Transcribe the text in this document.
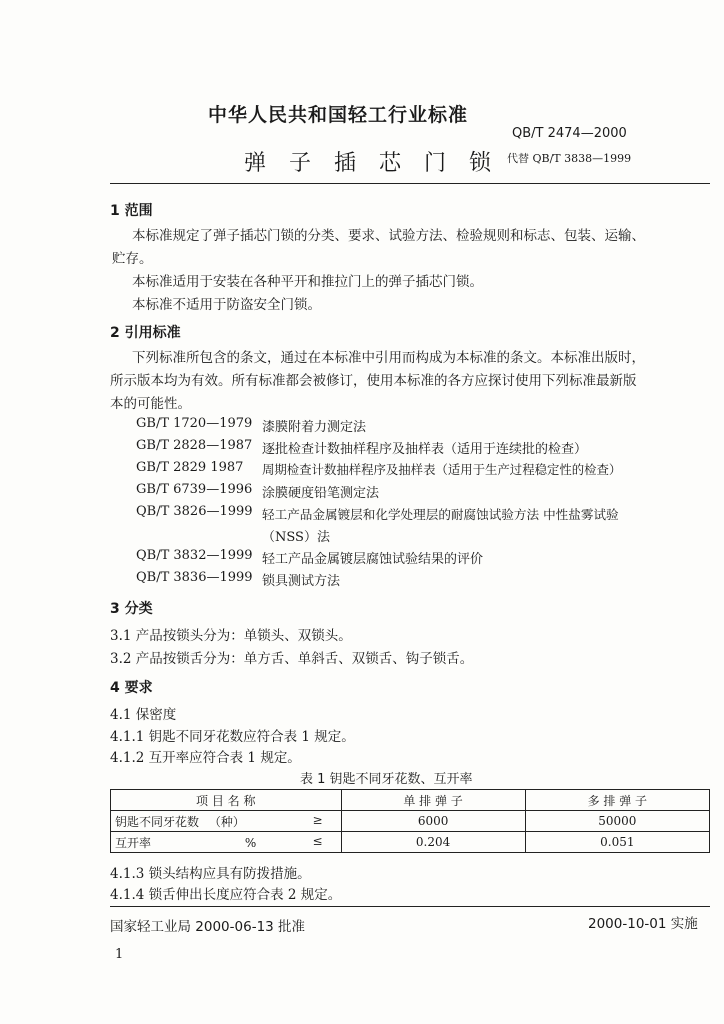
中华人民共和国轻工行业标准
QB/T 2474—2000
弹 子 插 芯 门 锁 代替 QB/T 3838—1999
1 范围
本标准规定了弹子插芯门锁的分类、要求、试验方法、检验规则和标志、包装、运输、
贮存。
本标准适用于安装在各种平开和推拉门上的弹子插芯门锁。
本标准不适用于防盗安全门锁。
2 引用标准
下列标准所包含的条文，通过在本标准中引用而构成为本标准的条文。本标准出版时，
所示版本均为有效。所有标准都会被修订，使用本标准的各方应探讨使用下列标准最新版
本的可能性。
GB/T 1720—1979 漆膜附着力测定法
GB/T 2828—1987 逐批检查计数抽样程序及抽样表（适用于连续批的检查）
GB/T 2829 1987 周期检查计数抽样程序及抽样表（适用于生产过程稳定性的检查）
GB/T 6739—1996 涂膜硬度铅笔测定法
QB/T 3826—1999 轻工产品金属镀层和化学处理层的耐腐蚀试验方法 中性盐雾试验
（NSS）法
QB/T 3832—1999 轻工产品金属镀层腐蚀试验结果的评价
QB/T 3836—1999 锁具测试方法
3 分类
3.1 产品按锁头分为：单锁头、双锁头。
3.2 产品按锁舌分为：单方舌、单斜舌、双锁舌、钩子锁舌。
4 要求
4.1 保密度
4.1.1 钥匙不同牙花数应符合表 1 规定。
4.1.2 互开率应符合表 1 规定。
表 1 钥匙不同牙花数、互开率
项 目 名 称	单 排 弹 子	多 排 弹 子
钥匙不同牙花数 （种） ≥	6000	50000
互开率 % ≤	0.204	0.051
4.1.3 锁头结构应具有防拨措施。
4.1.4 锁舌伸出长度应符合表 2 规定。
国家轻工业局 2000-06-13 批准	2000-10-01 实施
1
